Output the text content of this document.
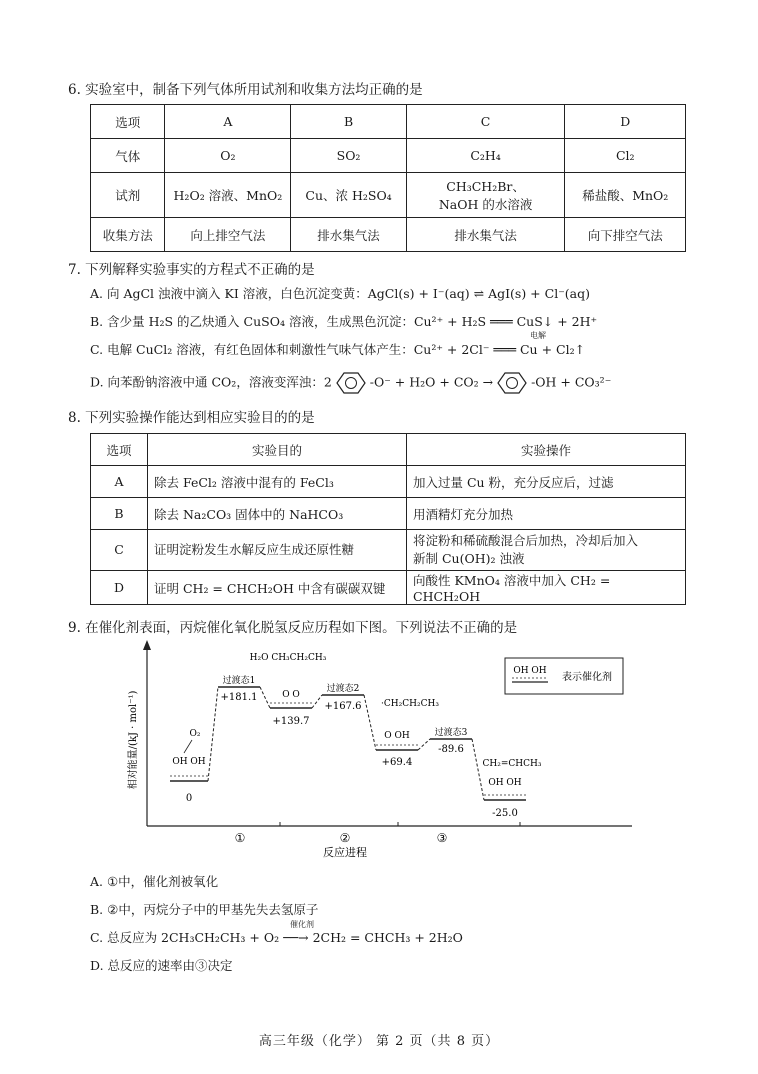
6. 实验室中，制备下列气体所用试剂和收集方法均正确的是
选项	A	B	C	D
气体	O₂	SO₂	C₂H₄	Cl₂
试剂	H₂O₂ 溶液、MnO₂	Cu、浓 H₂SO₄	CH₃CH₂Br、
NaOH 的水溶液	稀盐酸、MnO₂
收集方法	向上排空气法	排水集气法	排水集气法	向下排空气法
7. 下列解释实验事实的方程式不正确的是
A. 向 AgCl 浊液中滴入 KI 溶液，白色沉淀变黄：AgCl(s) + I⁻(aq) ⇌ AgI(s) + Cl⁻(aq)
B. 含少量 H₂S 的乙炔通入 CuSO₄ 溶液，生成黑色沉淀：Cu²⁺ + H₂S ═══ CuS↓ + 2H⁺
C. 电解 CuCl₂ 溶液，有红色固体和刺激性气味气体产生：Cu²⁺ + 2Cl⁻ ═══ Cu + Cl₂↑
电解
D. 向苯酚钠溶液中通 CO₂，溶液变浑浊：2	-O⁻ + H₂O + CO₂ →	-OH + CO₃²⁻
8. 下列实验操作能达到相应实验目的的是
选项	实验目的	实验操作
A	除去 FeCl₂ 溶液中混有的 FeCl₃	加入过量 Cu 粉，充分反应后，过滤
B	除去 Na₂CO₃ 固体中的 NaHCO₃	用酒精灯充分加热
C	证明淀粉发生水解反应生成还原性糖	将淀粉和稀硫酸混合后加热，冷却后加入
新制 Cu(OH)₂ 浊液

D	证明 CH₂ = CHCH₂OH 中含有碳碳双键	向酸性 KMnO₄ 溶液中加入 CH₂ = CHCH₂OH
9. 在催化剂表面，丙烷催化氧化脱氢反应历程如下图。下列说法不正确的是
相对能量/(kJ · mol⁻¹)
反应进程
①	②	③
OH OH
O₂
0
过渡态1
+181.1	O O
H₂O CH₃CH₂CH₃
+139.7
过渡态2
+167.6
O OH
·CH₂CH₂CH₃
+69.4
过渡态3
-89.6
OH OH
CH₂=CHCH₃
-25.0
OH OH
表示催化剂
A. ①中，催化剂被氧化
B. ②中，丙烷分子中的甲基先失去氢原子
C. 总反应为 2CH₃CH₂CH₃ + O₂ ──→ 2CH₂ = CHCH₃ + 2H₂O
催化剂
D. 总反应的速率由③决定
高三年级（化学） 第 2 页（共 8 页）
